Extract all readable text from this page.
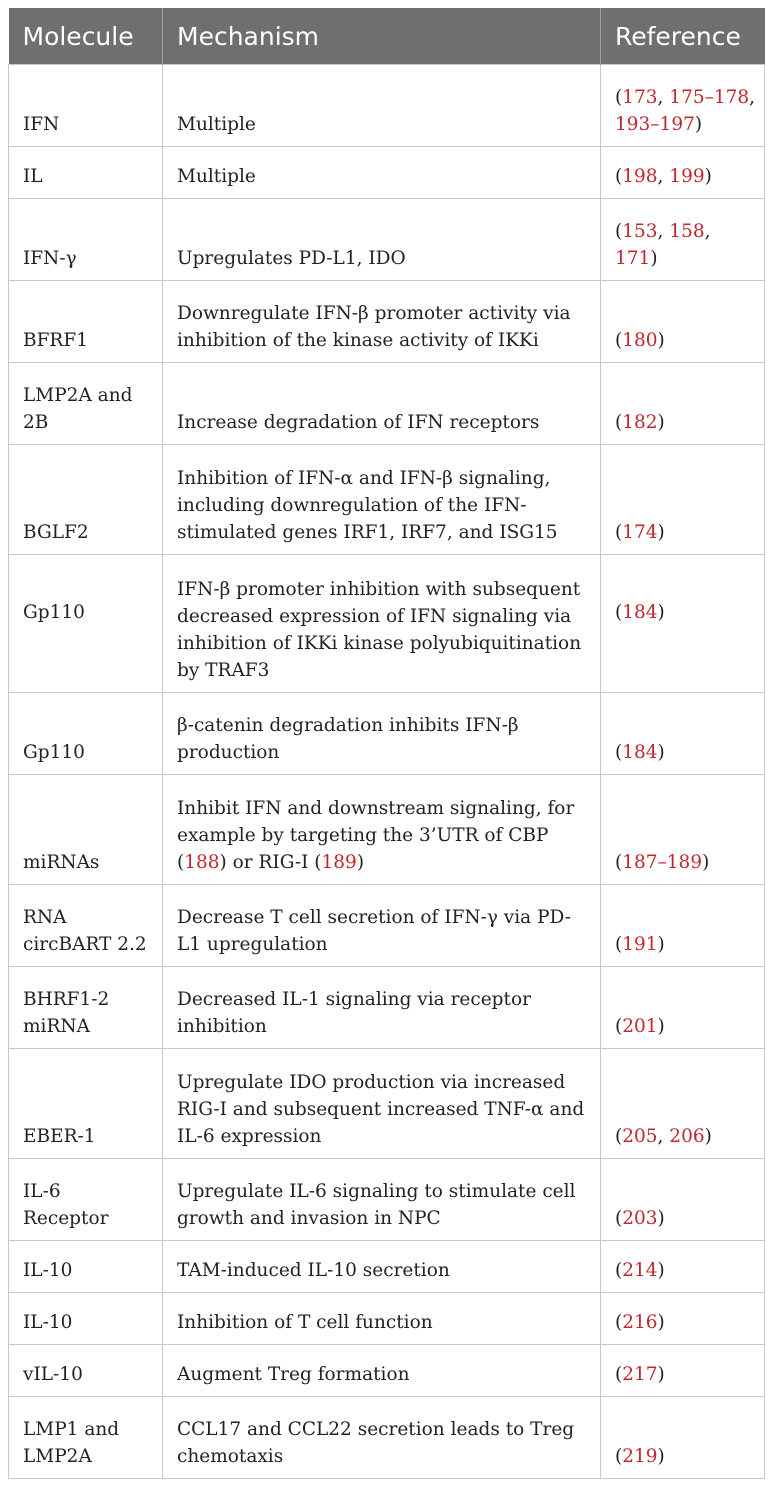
Molecule	Mechanism	Reference
IFN	Multiple	(173, 175–178, 193–197)
IL	Multiple	(198, 199)
IFN-γ	Upregulates PD-L1, IDO	(153, 158, 171)
BFRF1	Downregulate IFN-β promoter activity via inhibition of the kinase activity of IKKi	(180)
LMP2A and 2B	Increase degradation of IFN receptors	(182)
BGLF2	Inhibition of IFN-α and IFN-β signaling, including downregulation of the IFN-stimulated genes IRF1, IRF7, and ISG15	(174)
Gp110	IFN-β promoter inhibition with subsequent decreased expression of IFN signaling via inhibition of IKKi kinase polyubiquitination by TRAF3	(184)
Gp110	β-catenin degradation inhibits IFN-β production	(184)
miRNAs	Inhibit IFN and downstream signaling, for example by targeting the 3’UTR of CBP (188) or RIG-I (189)	(187–189)
RNA circBART 2.2	Decrease T cell secretion of IFN-γ via PD-L1 upregulation	(191)
BHRF1-2 miRNA	Decreased IL-1 signaling via receptor inhibition	(201)
EBER-1	Upregulate IDO production via increased RIG-I and subsequent increased TNF-α and IL-6 expression	(205, 206)
IL-6 Receptor	Upregulate IL-6 signaling to stimulate cell growth and invasion in NPC	(203)
IL-10	TAM-induced IL-10 secretion	(214)
IL-10	Inhibition of T cell function	(216)
vIL-10	Augment Treg formation	(217)
LMP1 and LMP2A	CCL17 and CCL22 secretion leads to Treg chemotaxis	(219)
